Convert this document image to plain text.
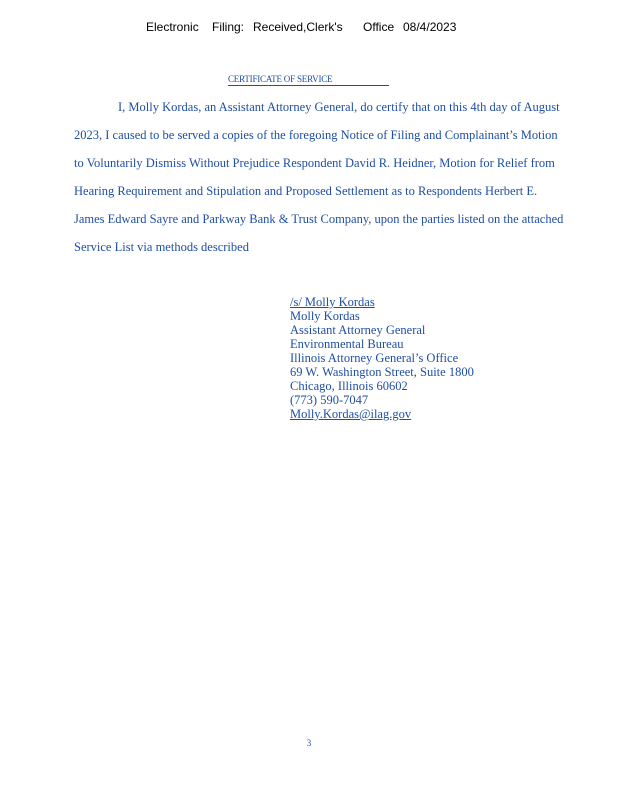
Electronic Filing: Received,Clerk's Office 08/4/2023
CERTIFICATE OF SERVICE
I, Molly Kordas, an Assistant Attorney General, do certify that on this 4th day of August
2023, I caused to be served a copies of the foregoing Notice of Filing and Complainant’s Motion
to Voluntarily Dismiss Without Prejudice Respondent David R. Heidner, Motion for Relief from
Hearing Requirement and Stipulation and Proposed Settlement as to Respondents Herbert E.
James Edward Sayre and Parkway Bank & Trust Company, upon the parties listed on the attached
Service List via methods described
/s/ Molly Kordas
Molly Kordas
Assistant Attorney General
Environmental Bureau
Illinois Attorney General’s Office
69 W. Washington Street, Suite 1800
Chicago, Illinois 60602
(773) 590-7047
Molly.Kordas@ilag.gov
3
